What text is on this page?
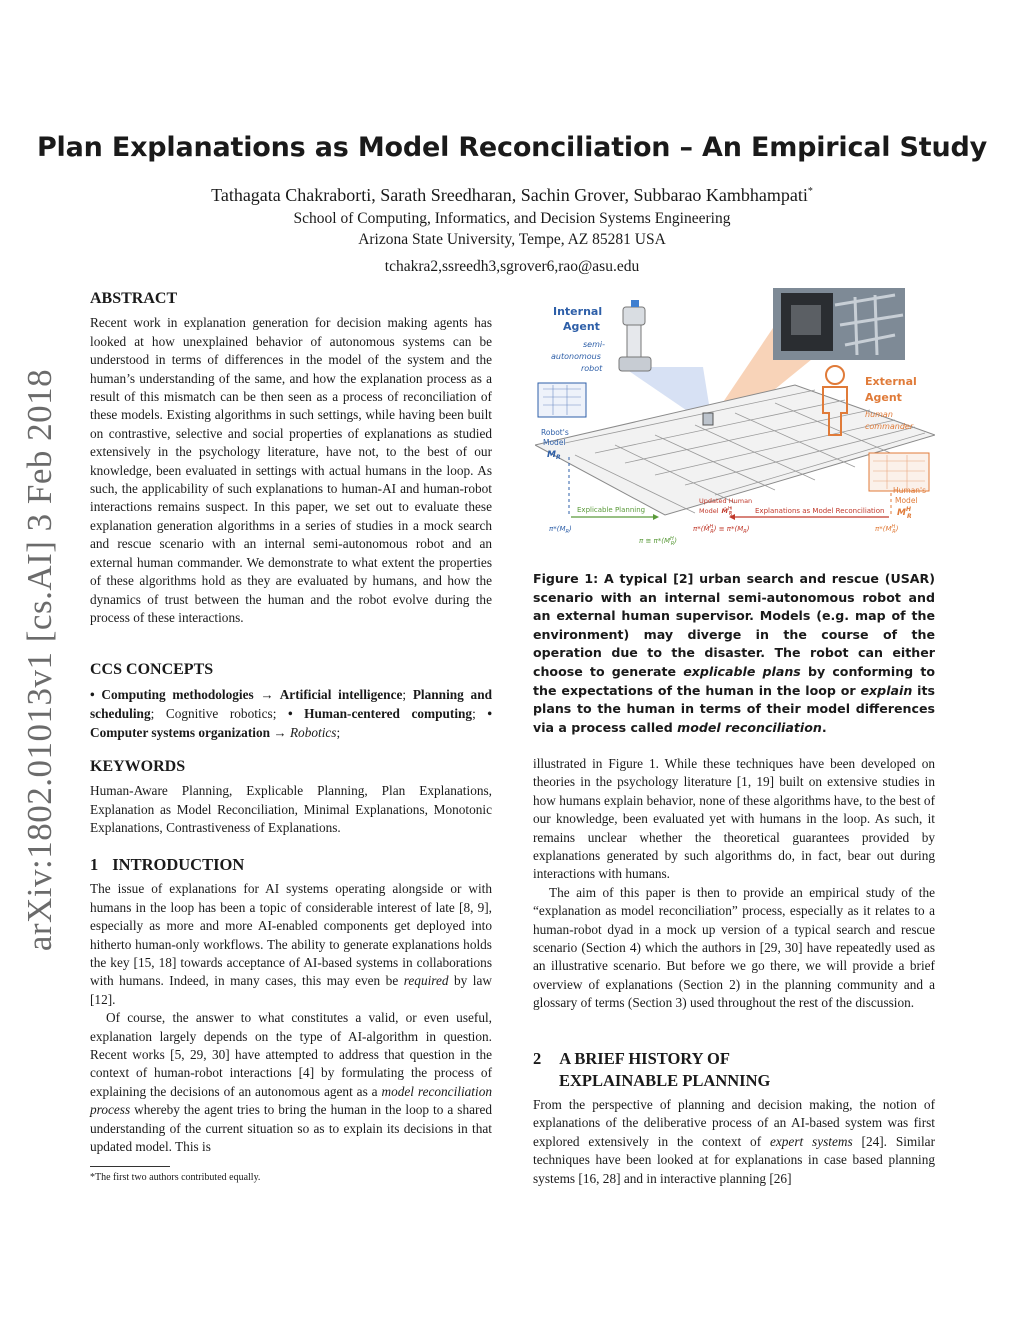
Plan Explanations as Model Reconciliation – An Empirical Study
Tathagata Chakraborti, Sarath Sreedharan, Sachin Grover, Subbarao Kambhampati*
School of Computing, Informatics, and Decision Systems Engineering
Arizona State University, Tempe, AZ 85281 USA
tchakra2,ssreedh3,sgrover6,rao@asu.edu
arXiv:1802.01013v1 [cs.AI] 3 Feb 2018
ABSTRACT

Recent work in explanation generation for decision making agents has looked at how unexplained behavior of autonomous systems can be understood in terms of differences in the model of the system and the human’s understanding of the same, and how the explanation process as a result of this mismatch can be then seen as a process of reconciliation of these models. Existing algorithms in such settings, while having been built on contrastive, selective and social properties of explanations as studied extensively in the psychology literature, have not, to the best of our knowledge, been evaluated in settings with actual humans in the loop. As such, the applicability of such explanations to human-AI and human-robot interactions remains suspect. In this paper, we set out to evaluate these explanation generation algorithms in a series of studies in a mock search and rescue scenario with an internal semi-autonomous robot and an external human commander. We demonstrate to what extent the properties of these algorithms hold as they are evaluated by humans, and how the dynamics of trust between the human and the robot evolve during the process of these interactions.

CCS CONCEPTS

• Computing methodologies → Artificial intelligence; Planning and scheduling; Cognitive robotics; • Human-centered computing; • Computer systems organization → Robotics;

KEYWORDS

Human-Aware Planning, Explicable Planning, Plan Explanations, Explanation as Model Reconciliation, Minimal Explanations, Monotonic Explanations, Contrastiveness of Explanations.

1 INTRODUCTION

The issue of explanations for AI systems operating alongside or with humans in the loop has been a topic of considerable interest of late [8, 9], especially as more and more AI-enabled components get deployed into hitherto human-only workflows. The ability to generate explanations holds the key [15, 18] towards acceptance of AI-based systems in collaborations with humans. Indeed, in many cases, this may even be required by law [12].

Of course, the answer to what constitutes a valid, or even useful, explanation largely depends on the type of AI-algorithm in question. Recent works [5, 29, 30] have attempted to address that question in the context of human-robot interactions [4] by formulating the process of explaining the decisions of an autonomous agent as a model reconciliation process whereby the agent tries to bring the human in the loop to a shared understanding of the current situation so as to explain its decisions in that updated model. This is

*The first two authors contributed equally.
Internal
Agent
semi-
autonomous
robot
External
Agent
human
commander
Robot's
Model
$M_R$
Human's
Model
$M^H$ R
Explicable Planning
Updated Human
Model M̂$^H$ R	Explanations as Model Reconciliation
$\pi*(M_R)$
π ≅ $\pi*(M^H$ R)
π*(M̂$^H$ $R) \equiv \pi*(M_R)$	$\pi*(M^H$ R)
Figure 1: A typical [2] urban search and rescue (USAR) scenario with an internal semi-autonomous robot and an external human supervisor. Models (e.g. map of the environment) may diverge in the course of the operation due to the disaster. The robot can either choose to generate explicable plans by conforming to the expectations of the human in the loop or explain its plans to the human in terms of their model differences via a process called model reconciliation.

illustrated in Figure 1. While these techniques have been developed on theories in the psychology literature [1, 19] built on extensive studies in how humans explain behavior, none of these algorithms have, to the best of our knowledge, been evaluated yet with humans in the loop. As such, it remains unclear whether the theoretical guarantees provided by explanations generated by such algorithms do, in fact, bear out during interactions with humans.

The aim of this paper is then to provide an empirical study of the “explanation as model reconciliation” process, especially as it relates to a human-robot dyad in a mock up version of a typical search and rescue scenario (Section 4) which the authors in [29, 30] have repeatedly used as an illustrative scenario. But before we go there, we will provide a brief overview of explanations (Section 2) in the planning community and a glossary of terms (Section 3) used throughout the rest of the discussion.

2 A BRIEF HISTORY OF
EXPLAINABLE PLANNING

From the perspective of planning and decision making, the notion of explanations of the deliberative process of an AI-based system was first explored extensively in the context of expert systems [24]. Similar techniques have been looked at for explanations in case based planning systems [16, 28] and in interactive planning [26]
